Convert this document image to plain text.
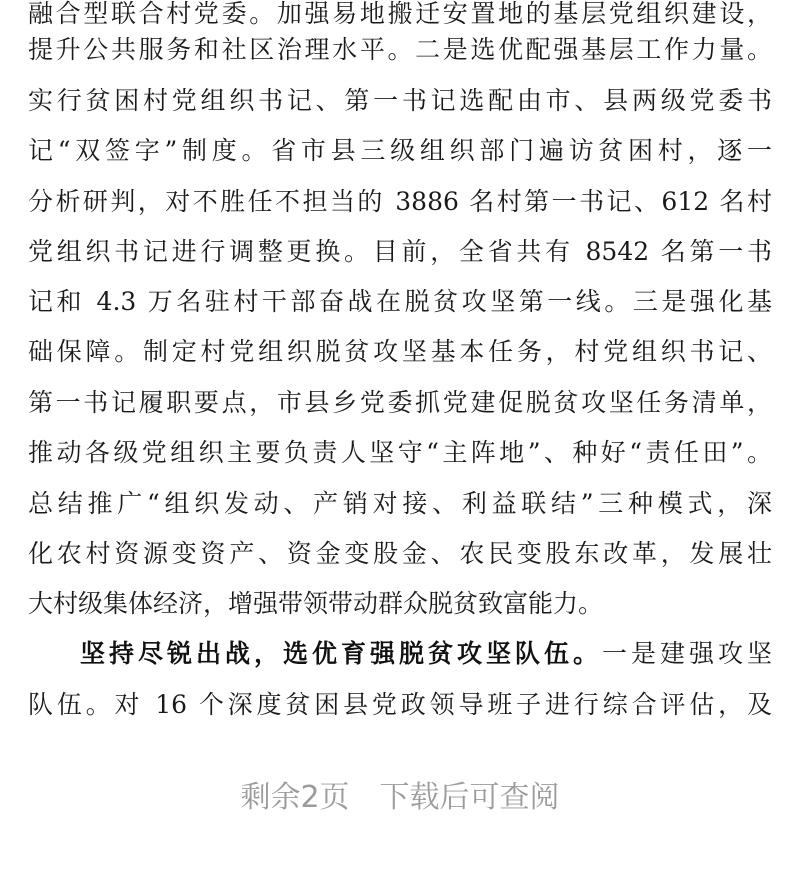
融合型联合村党委。加强易地搬迁安置地的基层党组织建设，
提升公共服务和社区治理水平。二是选优配强基层工作力量。
实行贫困村党组织书记、第一书记选配由市、县两级党委书
记“双签字”制度。省市县三级组织部门遍访贫困村，逐一
分析研判，对不胜任不担当的 3886 名村第一书记、612 名村
党组织书记进行调整更换。目前，全省共有 8542 名第一书
记和 4.3 万名驻村干部奋战在脱贫攻坚第一线。三是强化基
础保障。制定村党组织脱贫攻坚基本任务，村党组织书记、
第一书记履职要点，市县乡党委抓党建促脱贫攻坚任务清单，
推动各级党组织主要负责人坚守“主阵地”、种好“责任田”。
总结推广“组织发动、产销对接、利益联结”三种模式，深
化农村资源变资产、资金变股金、农民变股东改革，发展壮
大村级集体经济，增强带领带动群众脱贫致富能力。
坚持尽锐出战，选优育强脱贫攻坚队伍。一是建强攻坚
队伍。对 16 个深度贫困县党政领导班子进行综合评估，及
剩余2页　下载后可查阅
